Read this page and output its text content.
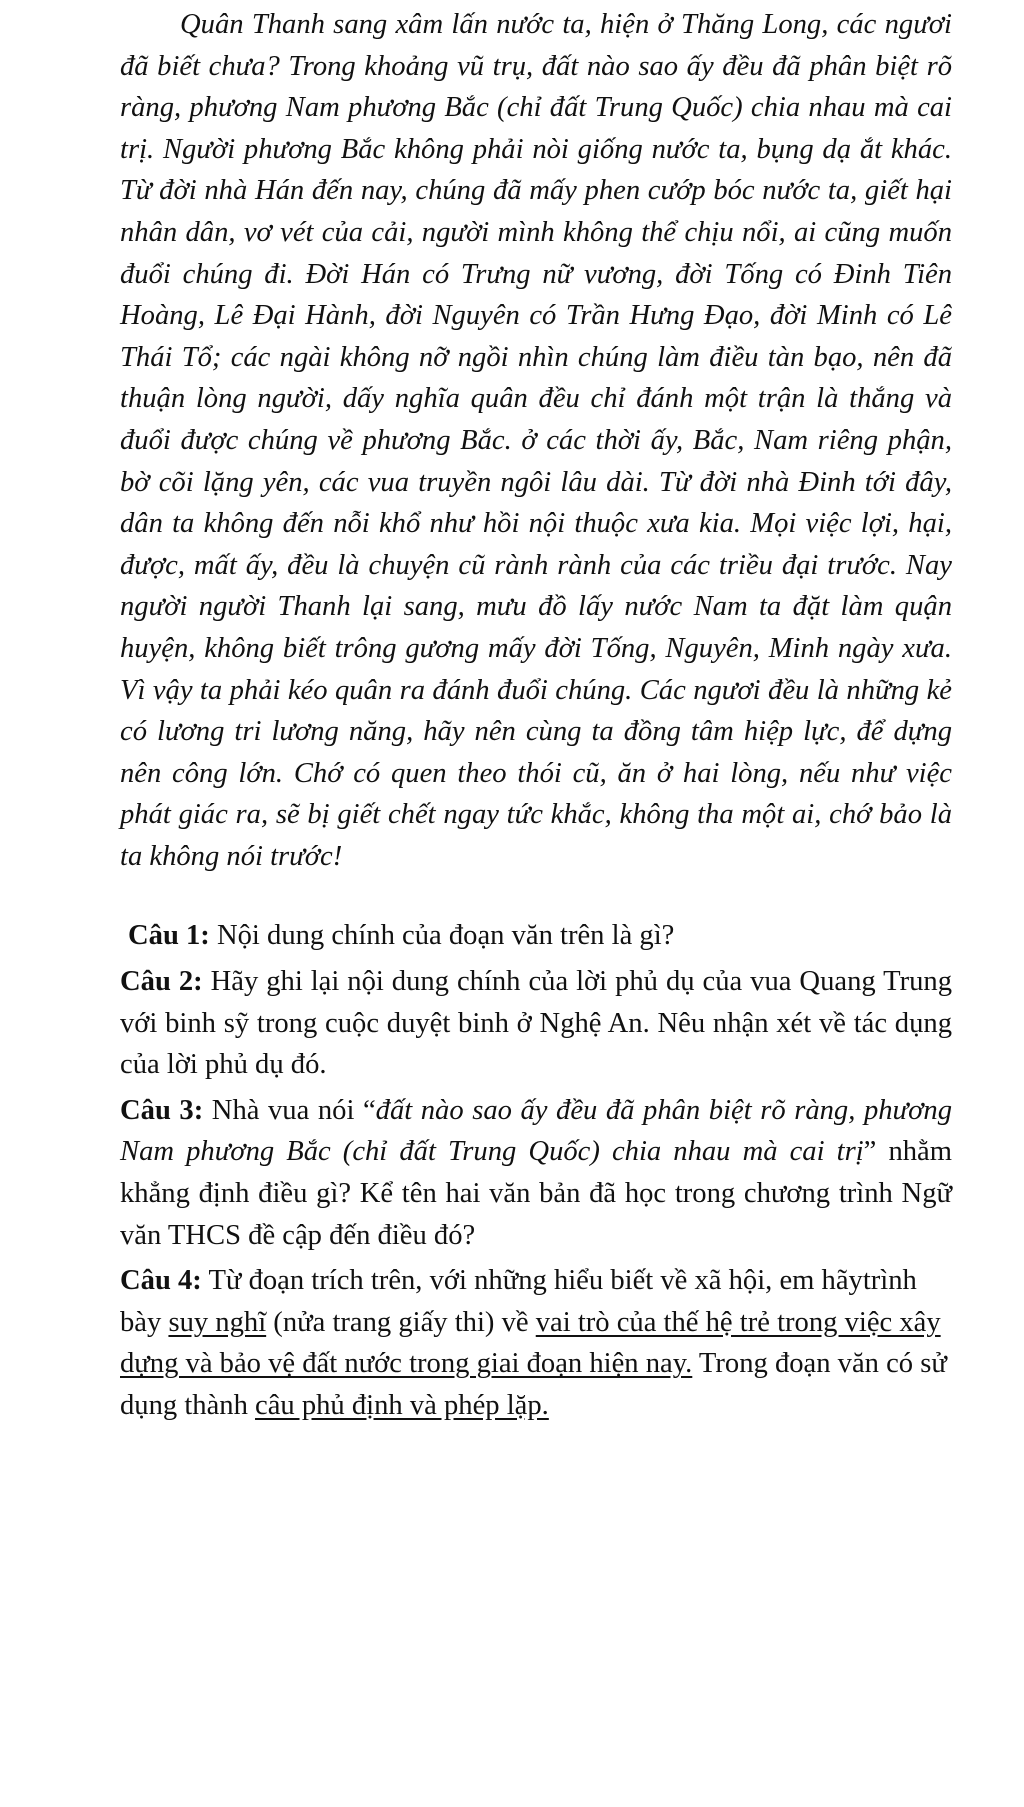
Quân Thanh sang xâm lấn nước ta, hiện ở Thăng Long, các ngươi đã biết chưa? Trong khoảng vũ trụ, đất nào sao ấy đều đã phân biệt rõ ràng, phương Nam phương Bắc (chỉ đất Trung Quốc) chia nhau mà cai trị. Người phương Bắc không phải nòi giống nước ta, bụng dạ ắt khác. Từ đời nhà Hán đến nay, chúng đã mấy phen cướp bóc nước ta, giết hại nhân dân, vơ vét của cải, người mình không thể chịu nổi, ai cũng muốn đuổi chúng đi. Đời Hán có Trưng nữ vương, đời Tống có Đinh Tiên Hoàng, Lê Đại Hành, đời Nguyên có Trần Hưng Đạo, đời Minh có Lê Thái Tổ; các ngài không nỡ ngồi nhìn chúng làm điều tàn bạo, nên đã thuận lòng người, dấy nghĩa quân đều chỉ đánh một trận là thắng và đuổi được chúng về phương Bắc. ở các thời ấy, Bắc, Nam riêng phận, bờ cõi lặng yên, các vua truyền ngôi lâu dài. Từ đời nhà Đinh tới đây, dân ta không đến nỗi khổ như hồi nội thuộc xưa kia. Mọi việc lợi, hại, được, mất ấy, đều là chuyện cũ rành rành của các triều đại trước. Nay người người Thanh lại sang, mưu đồ lấy nước Nam ta đặt làm quận huyện, không biết trông gương mấy đời Tống, Nguyên, Minh ngày xưa. Vì vậy ta phải kéo quân ra đánh đuổi chúng. Các ngươi đều là những kẻ có lương tri lương năng, hãy nên cùng ta đồng tâm hiệp lực, để dựng nên công lớn. Chớ có quen theo thói cũ, ăn ở hai lòng, nếu như việc phát giác ra, sẽ bị giết chết ngay tức khắc, không tha một ai, chớ bảo là ta không nói trước!

Câu 1: Nội dung chính của đoạn văn trên là gì?

Câu 2: Hãy ghi lại nội dung chính của lời phủ dụ của vua Quang Trung với binh sỹ trong cuộc duyệt binh ở Nghệ An. Nêu nhận xét về tác dụng của lời phủ dụ đó.

Câu 3: Nhà vua nói “đất nào sao ấy đều đã phân biệt rõ ràng, phương Nam phương Bắc (chỉ đất Trung Quốc) chia nhau mà cai trị” nhằm khẳng định điều gì? Kể tên hai văn bản đã học trong chương trình Ngữ văn THCS đề cập đến điều đó?

Câu 4: Từ đoạn trích trên, với những hiểu biết về xã hội, em hãytrình bày suy nghĩ (nửa trang giấy thi) về vai trò của thế hệ trẻ trong việc xây dựng và bảo vệ đất nước trong giai đoạn hiện nay. Trong đoạn văn có sử dụng thành câu phủ định và phép lặp.
